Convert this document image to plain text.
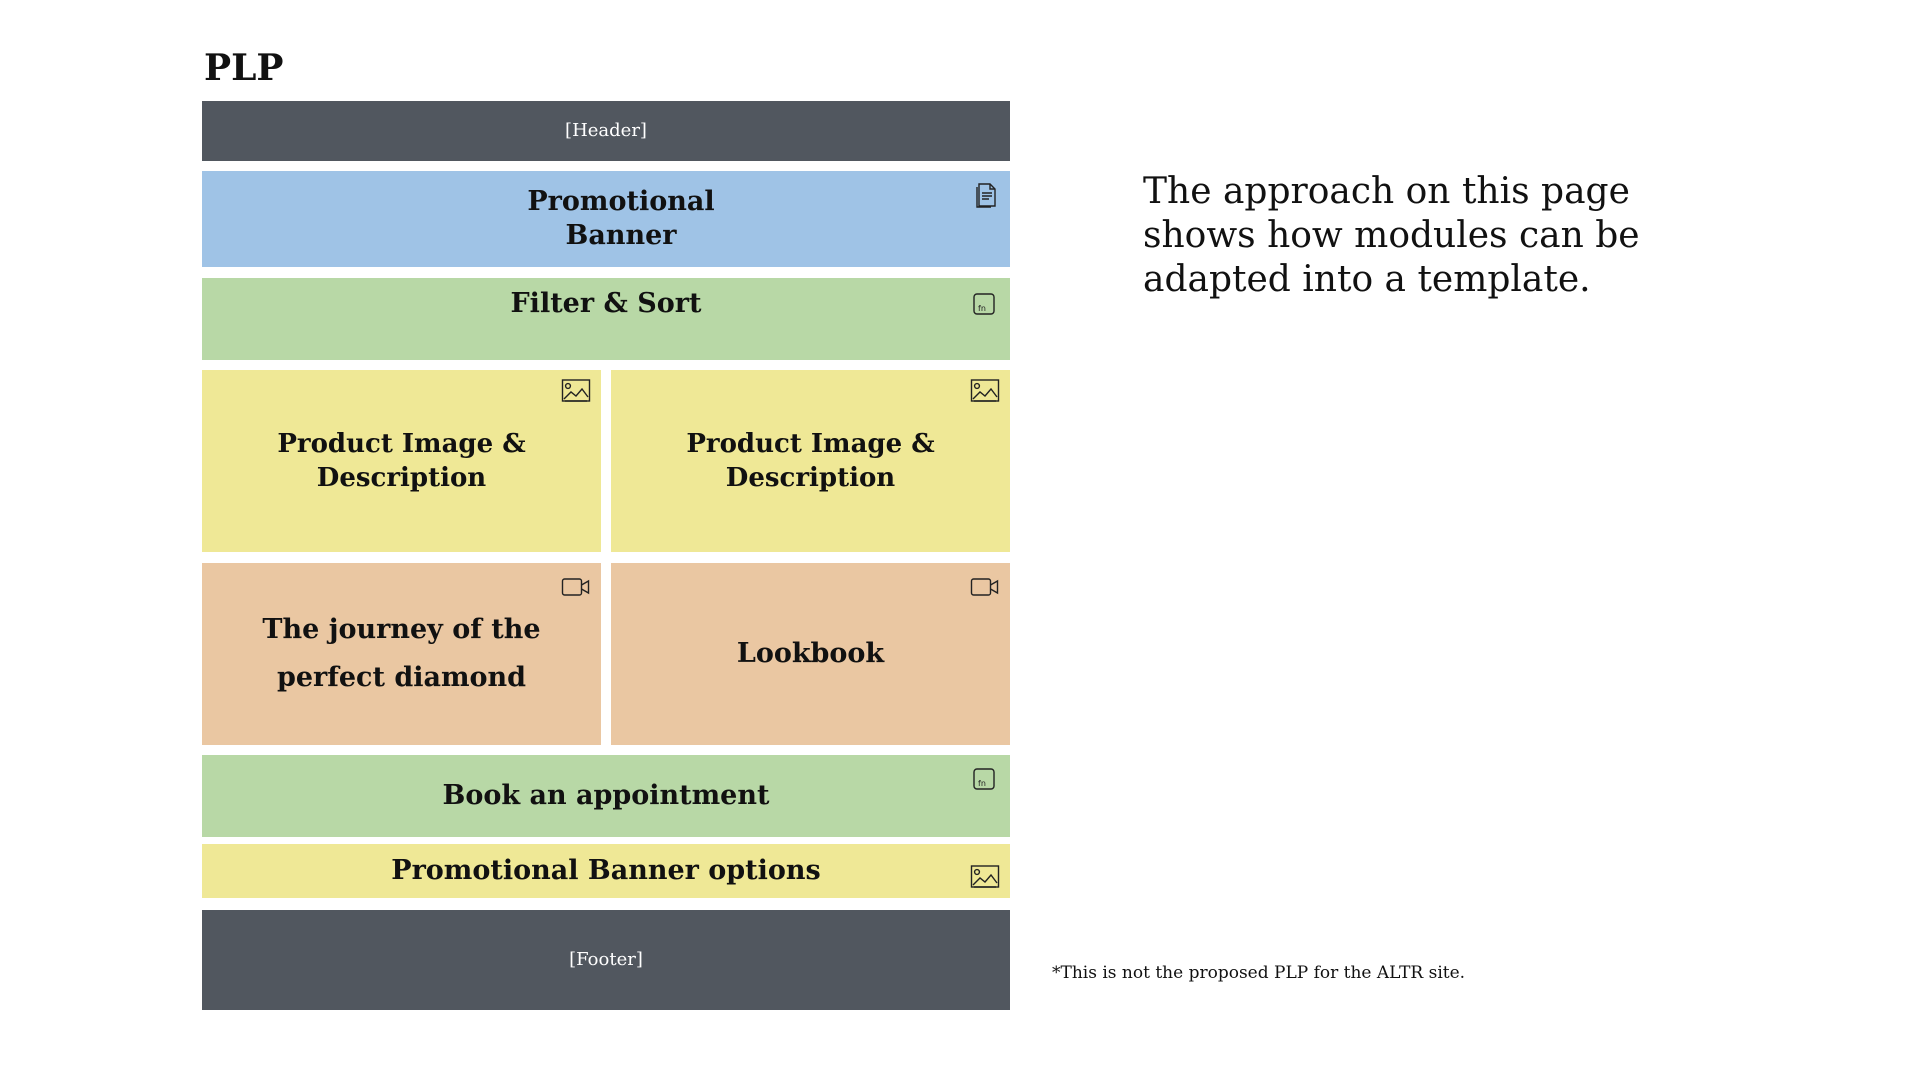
PLP
[Header]
Promotional
Banner
Filter & Sort	fn
Product Image & Description
Product Image & Description
The journey of the
perfect diamond
Lookbook
Book an appointment	fn
Promotional Banner options
[Footer]

The approach on this page shows how modules can be adapted into a template.

*This is not the proposed PLP for the ALTR site.
